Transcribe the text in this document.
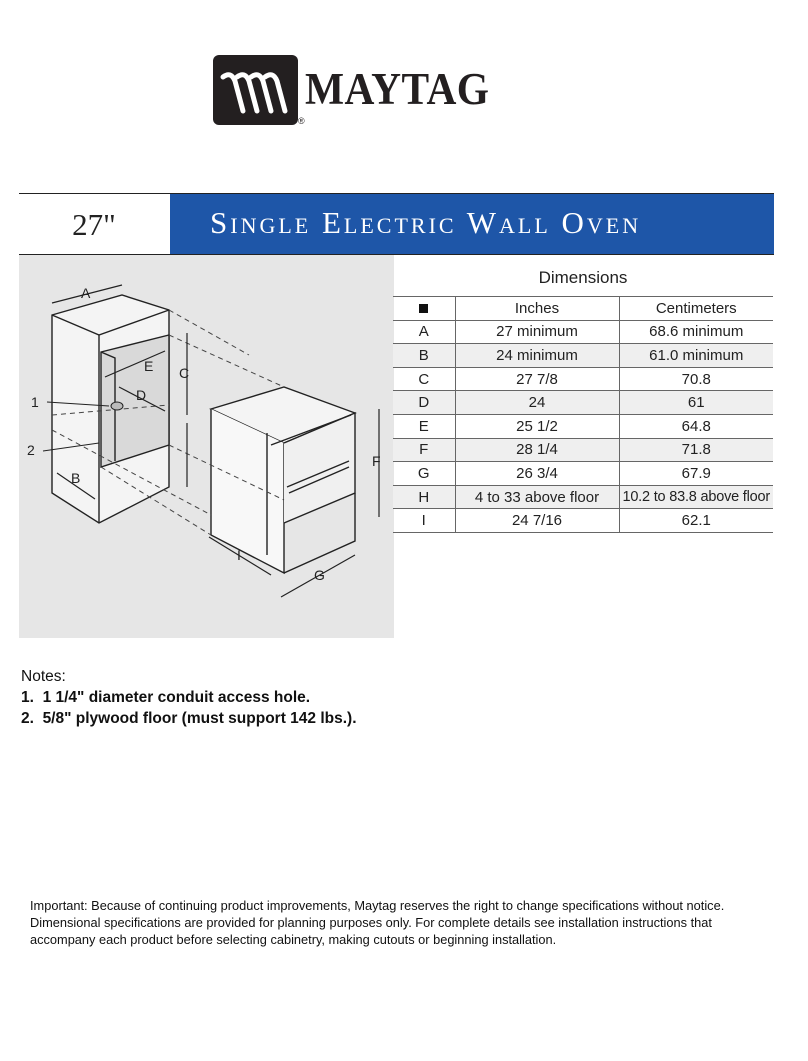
MAYTAG
®
27"	Single Electric Wall Oven
A
B
C
D
E
F
G
I
1
2
Dimensions
	Inches	Centimeters
A	27 minimum	68.6 minimum
B	24 minimum	61.0 minimum
C	27 7/8	70.8
D	24	61
E	25 1/2	64.8
F	28 1/4	71.8
G	26 3/4	67.9
H	4 to 33 above floor	10.2 to 83.8 above floor
I	24 7/16	62.1
Notes:
1. 1 1/4" diameter conduit access hole.
2. 5/8" plywood floor (must support 142 lbs.).
Important: Because of continuing product improvements, Maytag reserves the right to change specifications without notice. Dimensional specifications are provided for planning purposes only. For complete details see installation instructions that accompany each product before selecting cabinetry, making cutouts or beginning installation.
